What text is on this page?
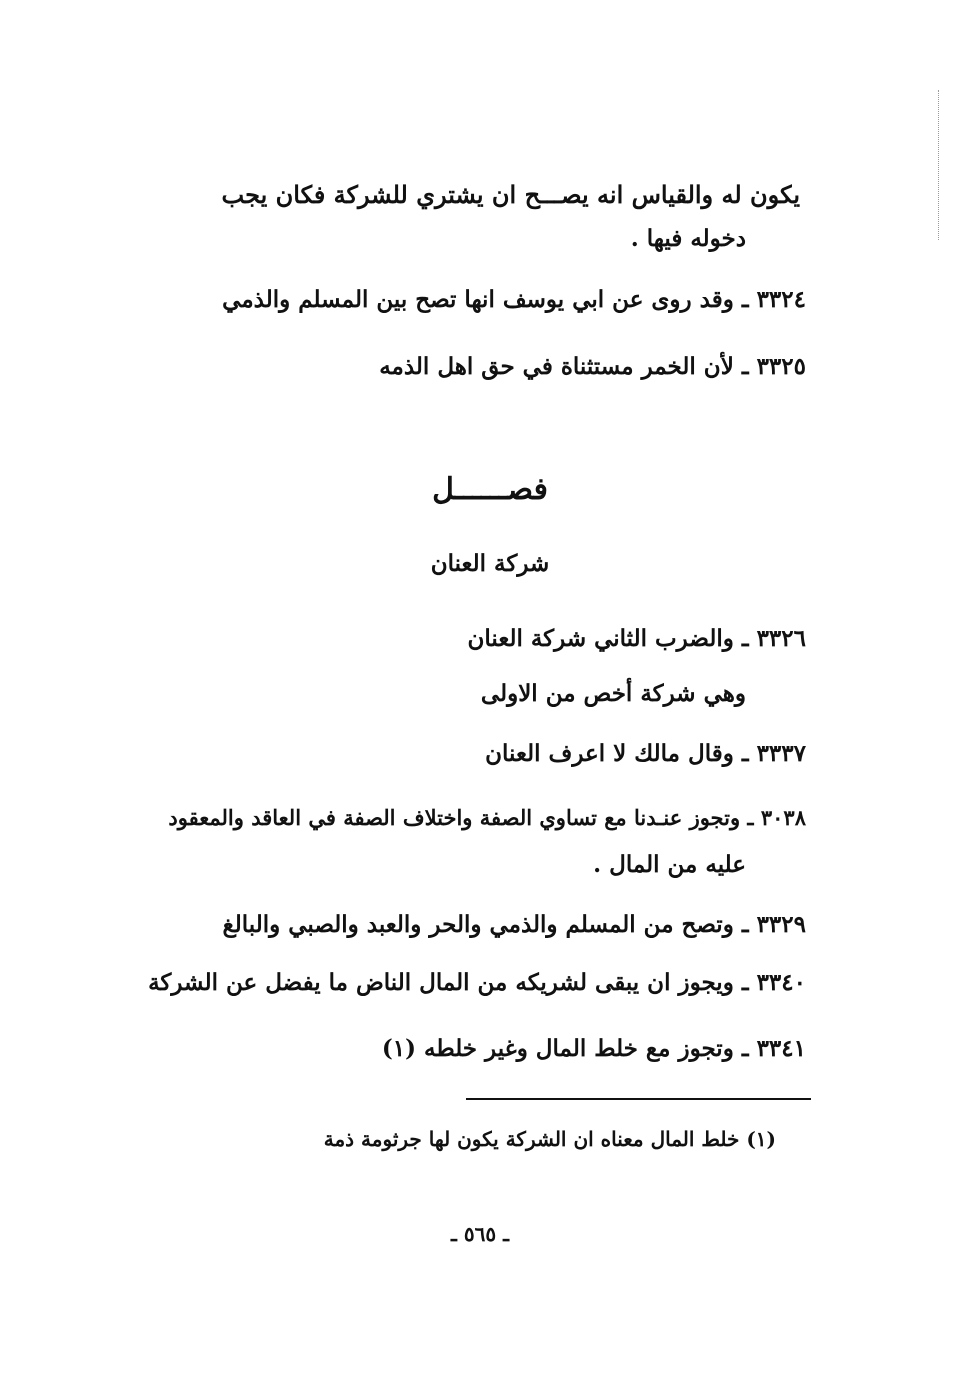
يكون له والقياس انه يصـــح ان يشتري للشركة فكان يجب
دخوله فيها .
٣٣٢٤ ـ وقد روى عن ابي يوسف انها تصح بين المسلم والذمي
٣٣٢٥ ـ لأن الخمر مستثناة في حق اهل الذمه
فصــــــل
شركة العنان
٣٣٢٦ ـ والضرب الثاني شركة العنان
وهي شركة أخص من الاولى
٣٣٣٧ ـ وقال مالك لا اعرف العنان
٣٠٣٨ ـ وتجوز عنـدنا مع تساوي الصفة واختلاف الصفة في العاقد والمعقود
عليه من المال .
٣٣٢٩ ـ وتصح من المسلم والذمي والحر والعبد والصبي والبالغ
٣٣٤٠ ـ ويجوز ان يبقى لشريكه من المال الناض ما يفضل عن الشركة
٣٣٤١ ـ وتجوز مع خلط المال وغير خلطه (١)
(١) خلط المال معناه ان الشركة يكون لها جرثومة ذمة
ـ ٥٦٥ ـ
